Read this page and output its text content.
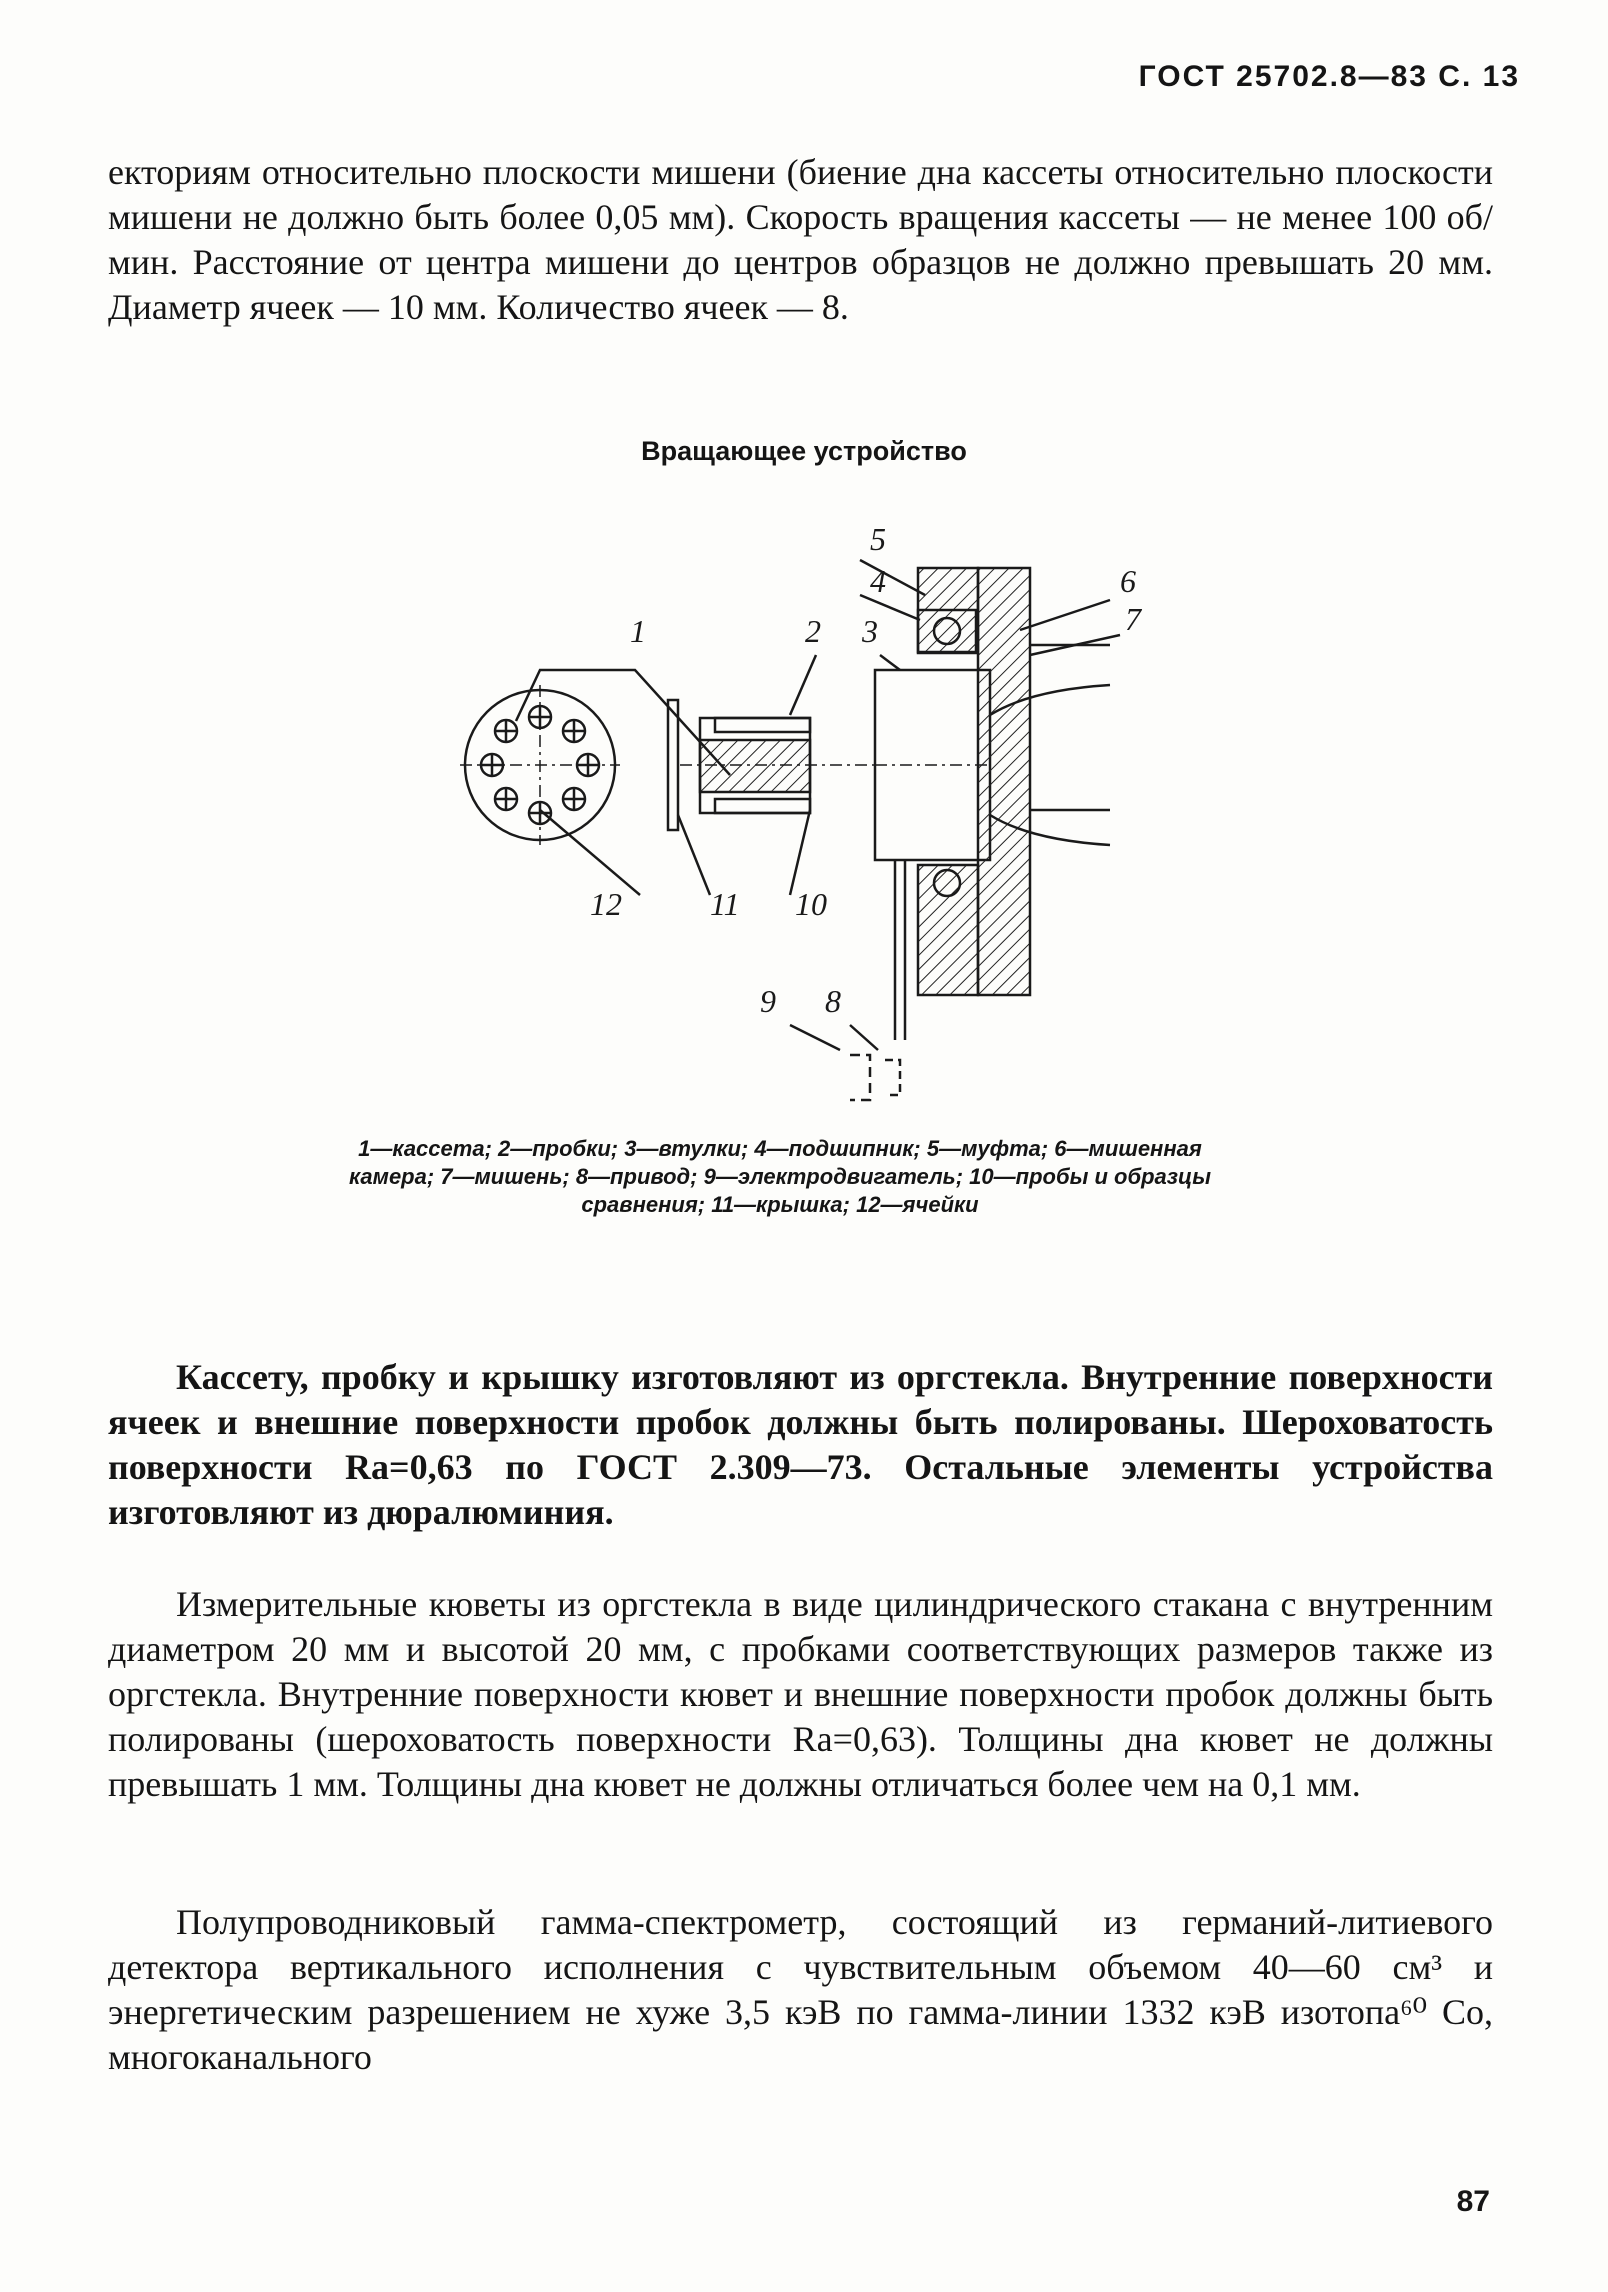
ГОСТ 25702.8—83 С. 13

екториям относительно плоскости мишени (биение дна кассеты относительно плоскости мишени не должно быть более 0,05 мм). Скорость вращения кассеты — не менее 100 об/мин. Расстояние от центра мишени до центров образцов не должно превышать 20 мм. Диаметр ячеек — 10 мм. Количество ячеек — 8.

Вращающее устройство
5
4	6
1	2 3	7
12	11 10
9 8
1—кассета; 2—пробки; 3—втулки; 4—подшипник; 5—муфта; 6—мишенная камера; 7—мишень; 8—привод; 9—электродвигатель; 10—пробы и образцы сравнения; 11—крышка; 12—ячейки

Кассету, пробку и крышку изготовляют из оргстекла. Внутренние поверхности ячеек и внешние поверхности пробок должны быть полированы. Шероховатость поверхности Ra=0,63 по ГОСТ 2.309—73. Остальные элементы устройства изготовляют из дюралюминия.

Измерительные кюветы из оргстекла в виде цилиндрического стакана с внутренним диаметром 20 мм и высотой 20 мм, с пробками соответствующих размеров также из оргстекла. Внутренние поверхности кювет и внешние поверхности пробок должны быть полированы (шероховатость поверхности Ra=0,63). Толщины дна кювет не должны превышать 1 мм. Толщины дна кювет не должны отличаться более чем на 0,1 мм.

Полупроводниковый гамма-спектрометр, состоящий из германий-литиевого детектора вертикального исполнения с чувствительным объемом 40—60 см³ и энергетическим разрешением не хуже 3,5 кэВ по гамма-линии 1332 кэВ изотопа⁶⁰ Со, многоканального

87
